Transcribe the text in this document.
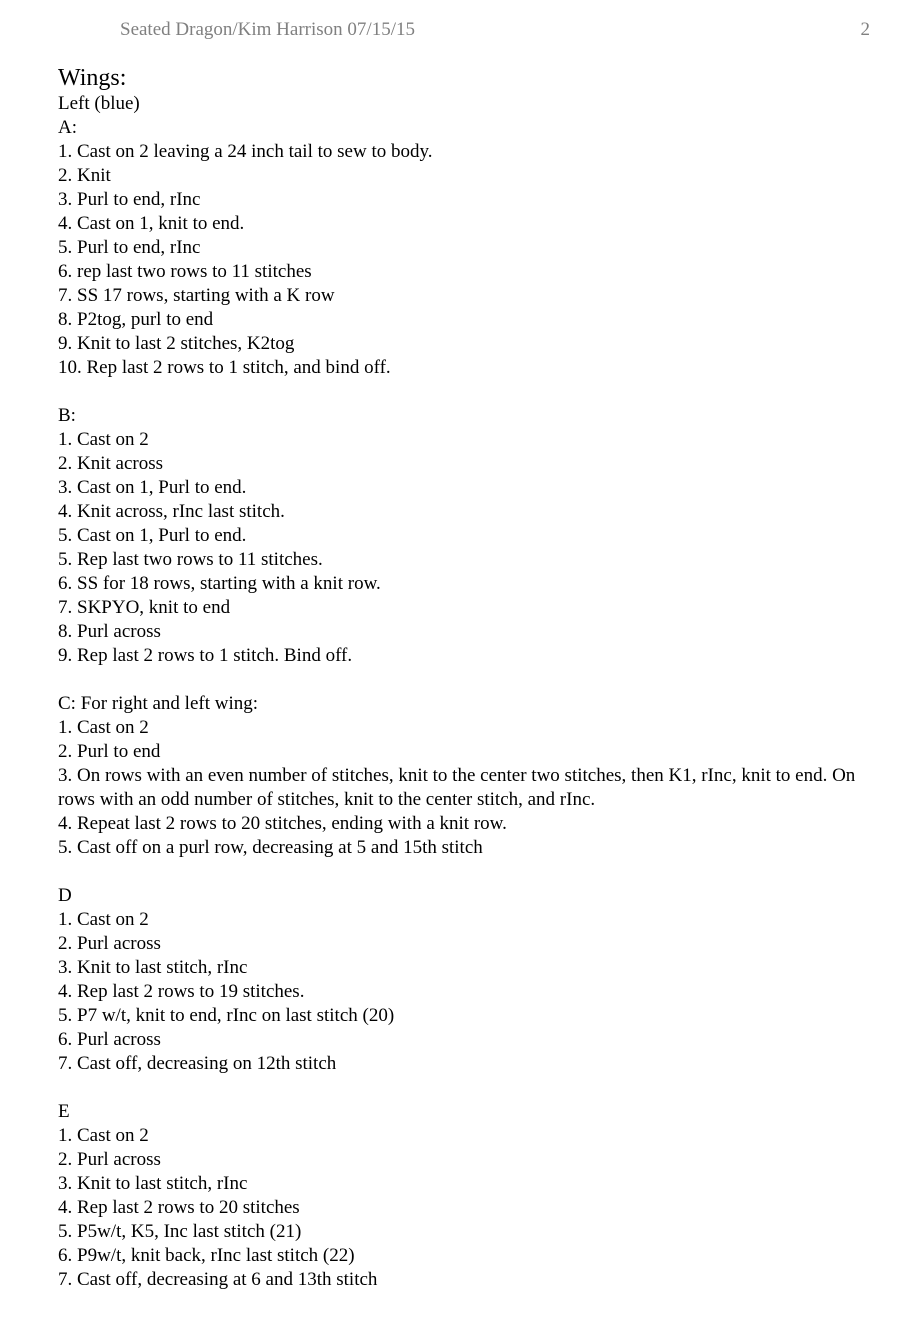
Seated Dragon/Kim Harrison 07/15/15	2

Wings:

Left (blue)

A:

1. Cast on 2 leaving a 24 inch tail to sew to body.

2. Knit

3. Purl to end, rInc

4. Cast on 1, knit to end.

5. Purl to end, rInc

6. rep last two rows to 11 stitches

7. SS 17 rows, starting with a K row

8. P2tog, purl to end

9. Knit to last 2 stitches, K2tog

10. Rep last 2 rows to 1 stitch, and bind off.

B:

1. Cast on 2

2. Knit across

3. Cast on 1, Purl to end.

4. Knit across, rInc last stitch.

5. Cast on 1, Purl to end.

5. Rep last two rows to 11 stitches.

6. SS for 18 rows, starting with a knit row.

7. SKPYO, knit to end

8. Purl across

9. Rep last 2 rows to 1 stitch. Bind off.

C: For right and left wing:

1. Cast on 2

2. Purl to end

3. On rows with an even number of stitches, knit to the center two stitches, then K1, rInc, knit to end. On rows with an odd number of stitches, knit to the center stitch, and rInc.

4. Repeat last 2 rows to 20 stitches, ending with a knit row.

5. Cast off on a purl row, decreasing at 5 and 15th stitch

D

1. Cast on 2

2. Purl across

3. Knit to last stitch, rInc

4. Rep last 2 rows to 19 stitches.

5. P7 w/t, knit to end, rInc on last stitch (20)

6. Purl across

7. Cast off, decreasing on 12th stitch

E

1. Cast on 2

2. Purl across

3. Knit to last stitch, rInc

4. Rep last 2 rows to 20 stitches

5. P5w/t, K5, Inc last stitch (21)

6. P9w/t, knit back, rInc last stitch (22)

7. Cast off, decreasing at 6 and 13th stitch
